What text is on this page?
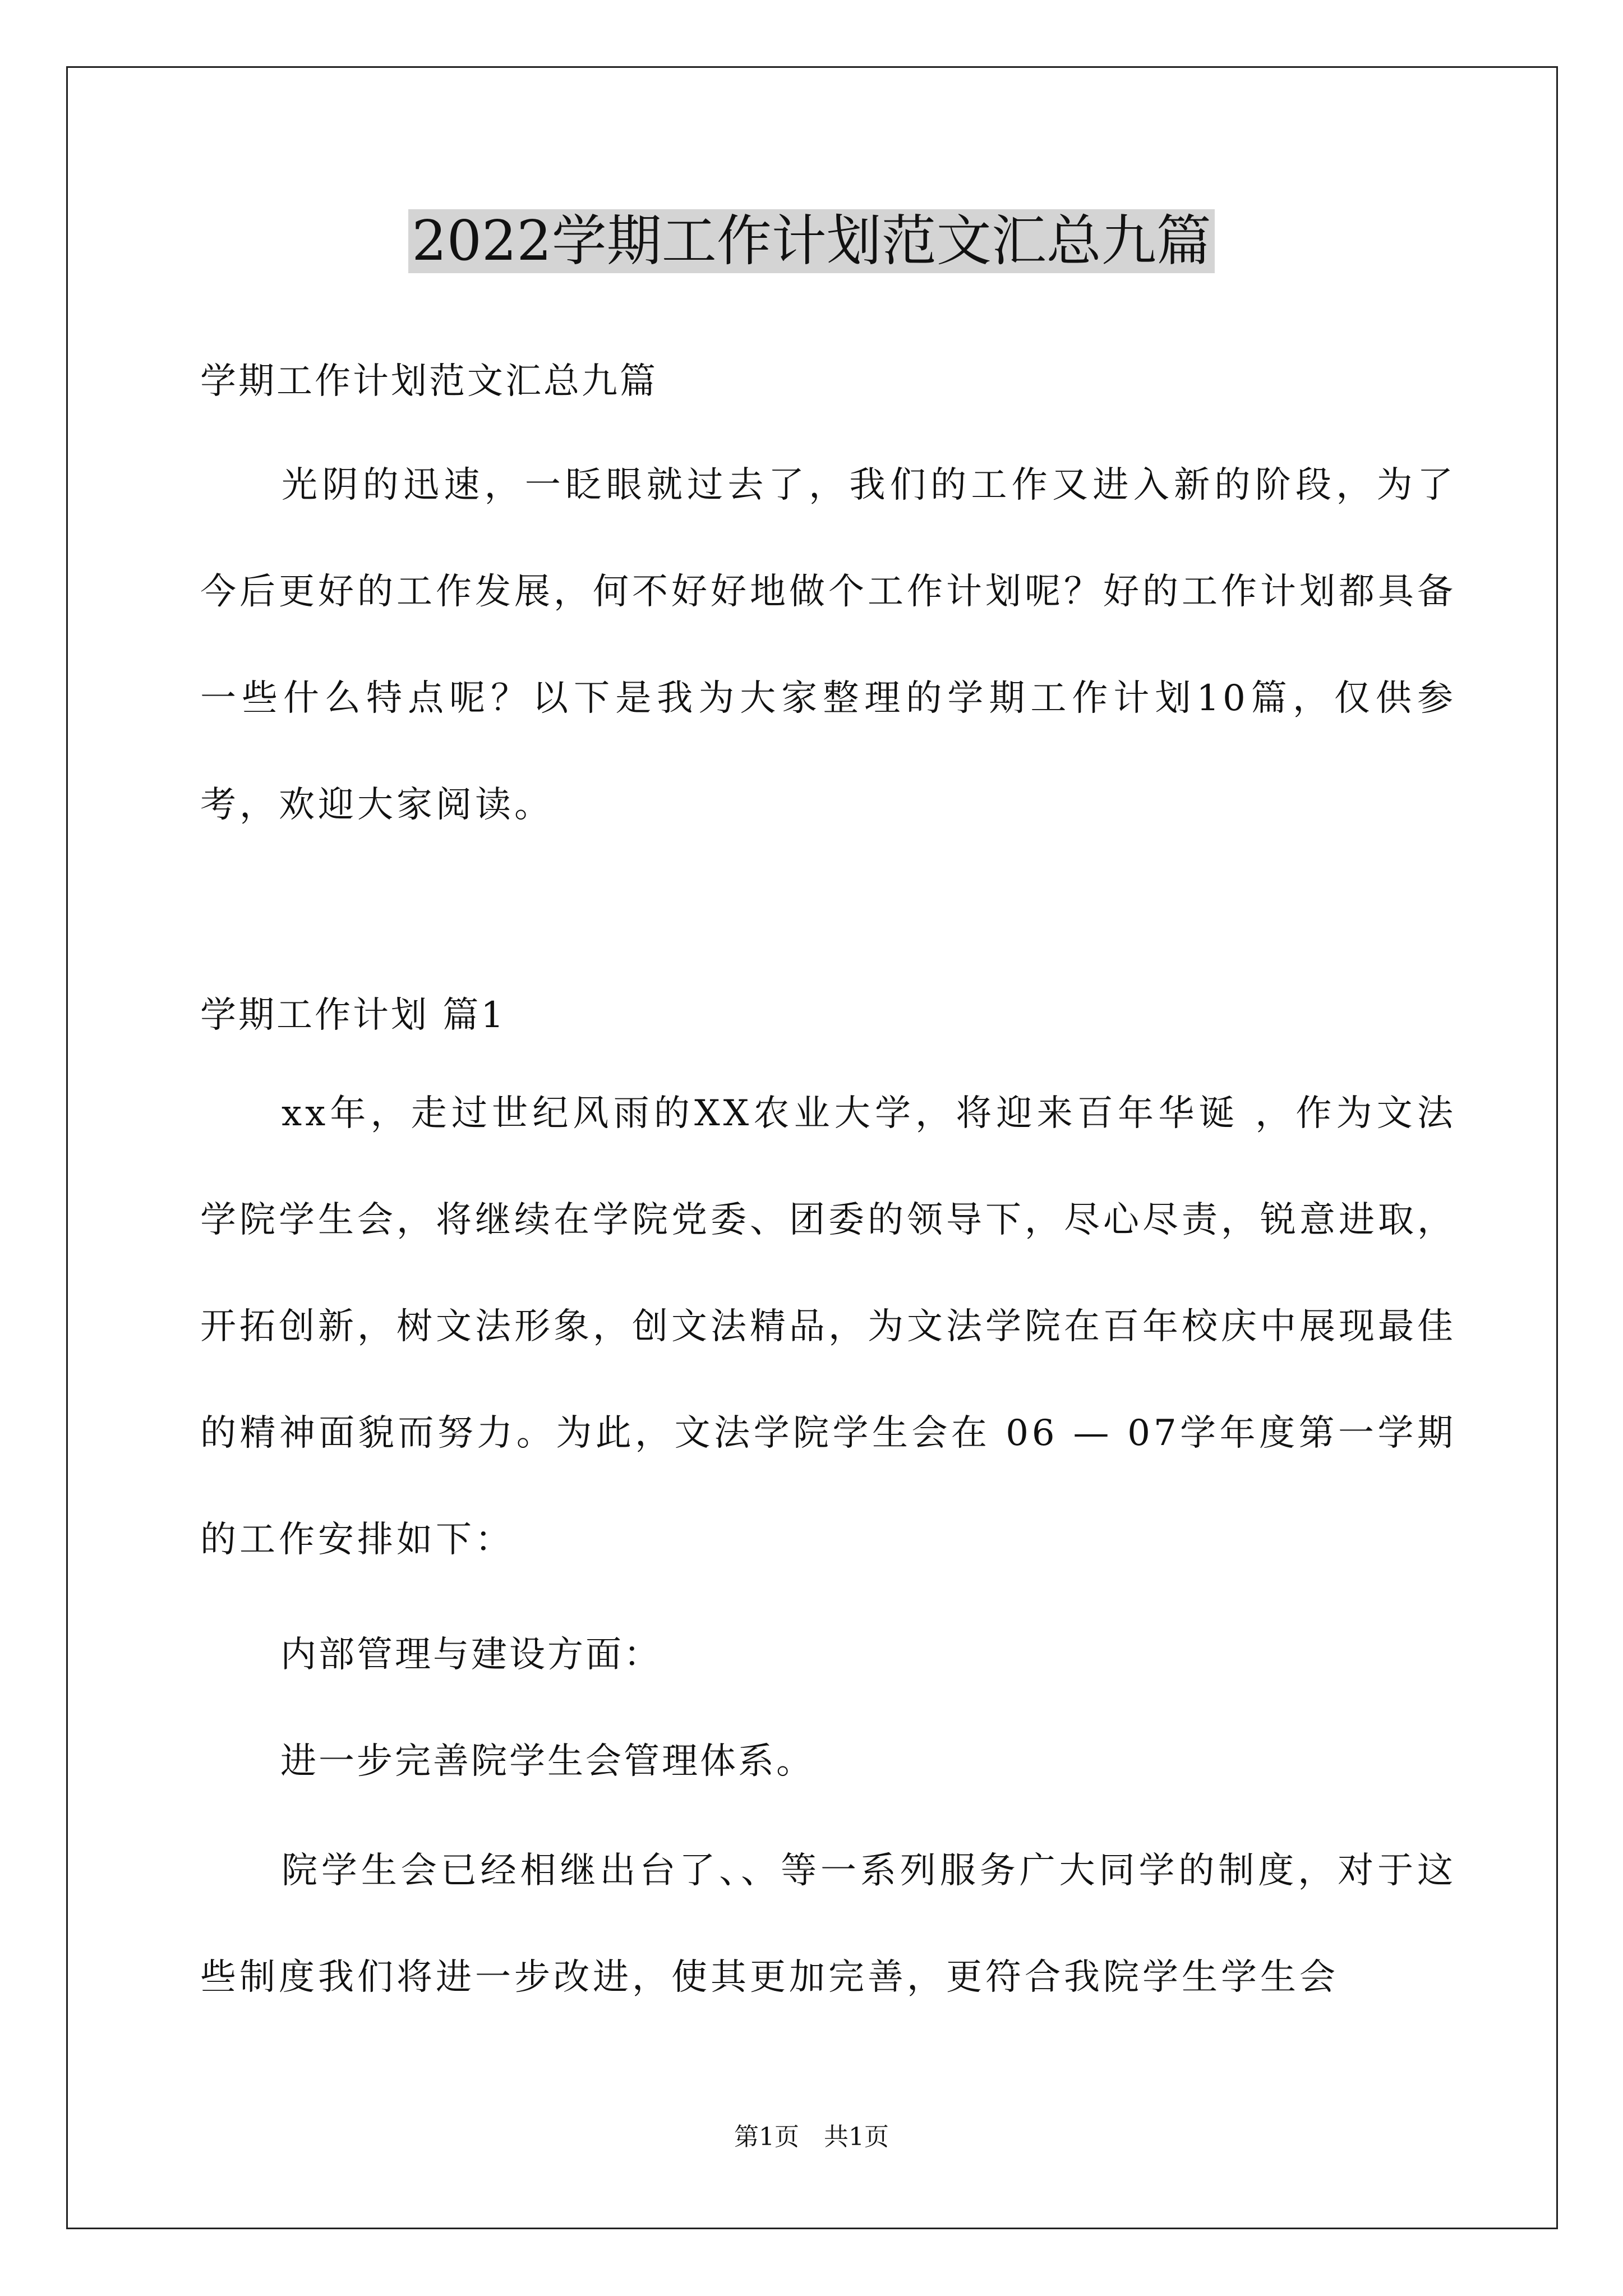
2022学期工作计划范文汇总九篇
学期工作计划范文汇总九篇

光阴的迅速，一眨眼就过去了，我们的工作又进入新的阶段，为了今后更好的工作发展，何不好好地做个工作计划呢？好的工作计划都具备一些什么特点呢？以下是我为大家整理的学期工作计划10篇，仅供参考，欢迎大家阅读。

学期工作计划 篇1

xx年，走过世纪风雨的XX农业大学，将迎来百年华诞 ，作为文法学院学生会，将继续在学院党委、团委的领导下，尽心尽责，锐意进取，开拓创新，树文法形象，创文法精品，为文法学院在百年校庆中展现最佳的精神面貌而努力。为此，文法学院学生会在 06 — 07学年度第一学期的工作安排如下：

内部管理与建设方面：
进一步完善院学生会管理体系。

院学生会已经相继出台了、、等一系列服务广大同学的制度，对于这些制度我们将进一步改进，使其更加完善，更符合我院学生学生会

第1页　共1页
